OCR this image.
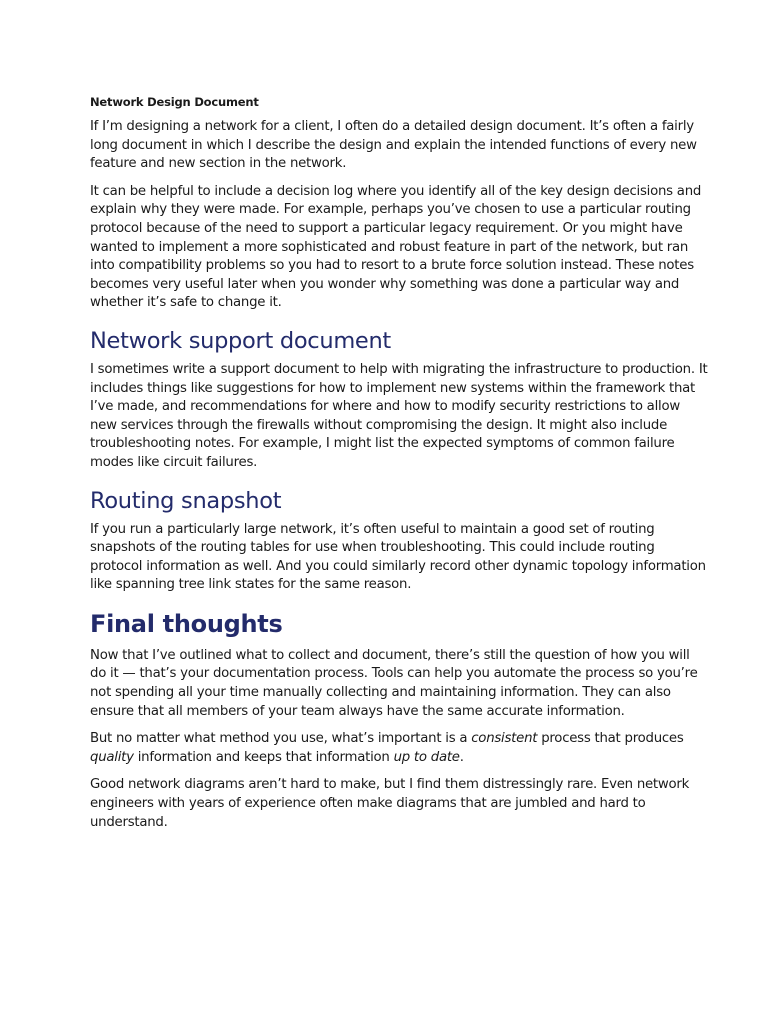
Network Design Document

If I’m designing a network for a client, I often do a detailed design document. It’s often a fairly long document in which I describe the design and explain the intended functions of every new feature and new section in the network.

It can be helpful to include a decision log where you identify all of the key design decisions and explain why they were made. For example, perhaps you’ve chosen to use a particular routing protocol because of the need to support a particular legacy requirement. Or you might have wanted to implement a more sophisticated and robust feature in part of the network, but ran into compatibility problems so you had to resort to a brute force solution instead. These notes becomes very useful later when you wonder why something was done a particular way and whether it’s safe to change it.

Network support document

I sometimes write a support document to help with migrating the infrastructure to production. It includes things like suggestions for how to implement new systems within the framework that I’ve made, and recommendations for where and how to modify security restrictions to allow new services through the firewalls without compromising the design. It might also include troubleshooting notes. For example, I might list the expected symptoms of common failure modes like circuit failures.

Routing snapshot

If you run a particularly large network, it’s often useful to maintain a good set of routing snapshots of the routing tables for use when troubleshooting. This could include routing protocol information as well. And you could similarly record other dynamic topology information like spanning tree link states for the same reason.

Final thoughts

Now that I’ve outlined what to collect and document, there’s still the question of how you will do it — that’s your documentation process. Tools can help you automate the process so you’re not spending all your time manually collecting and maintaining information. They can also ensure that all members of your team always have the same accurate information.

But no matter what method you use, what’s important is a consistent process that produces quality information and keeps that information up to date.

Good network diagrams aren’t hard to make, but I find them distressingly rare. Even network engineers with years of experience often make diagrams that are jumbled and hard to understand.
